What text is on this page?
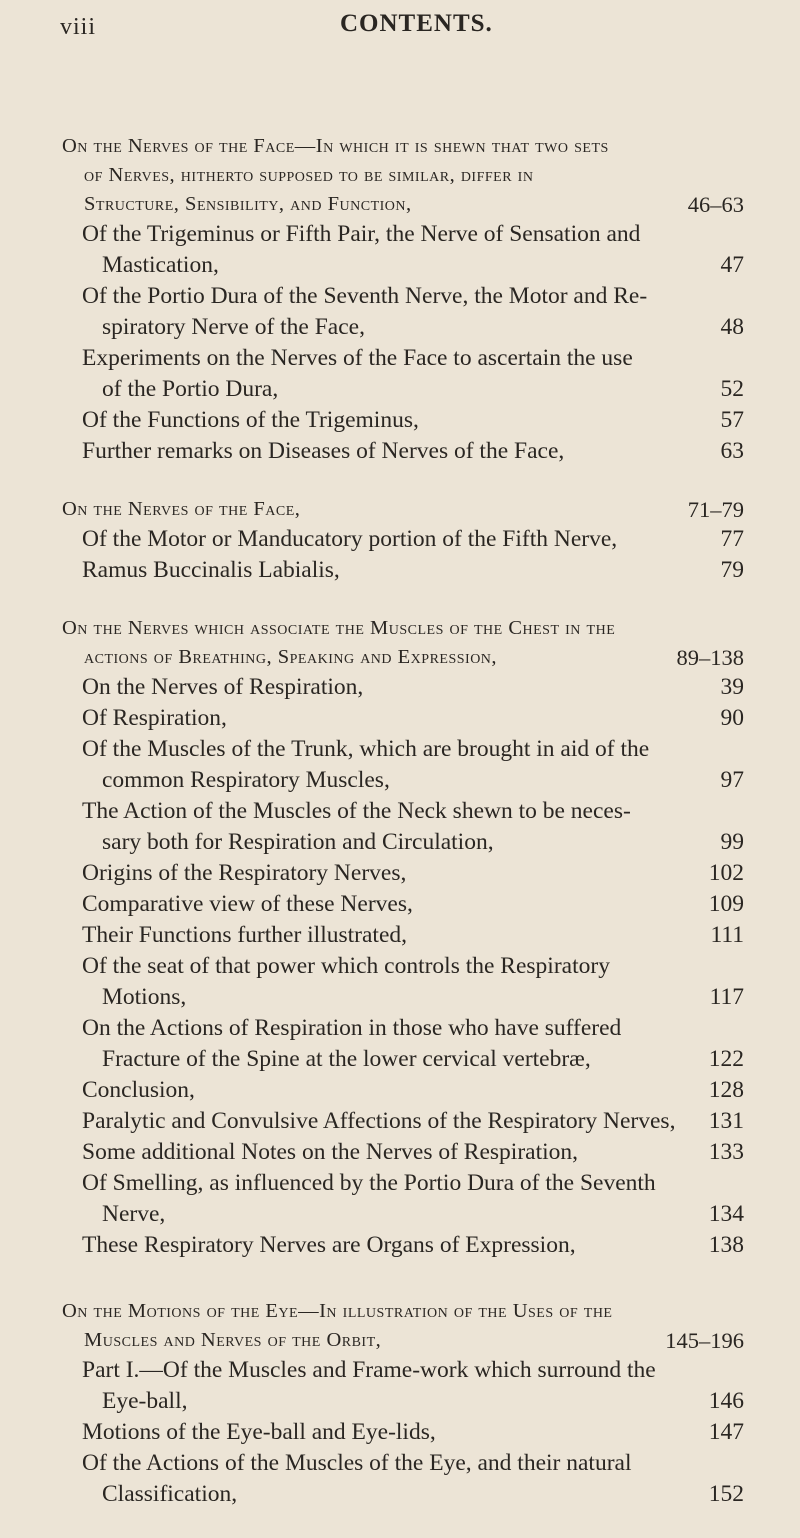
viii	CONTENTS.
On the Nerves of the Face—In which it is shewn that two sets
of Nerves, hitherto supposed to be similar, differ in
Structure, Sensibility, and Function,	46–63
Of the Trigeminus or Fifth Pair, the Nerve of Sensation and
Mastication,	47
Of the Portio Dura of the Seventh Nerve, the Motor and Re-
spiratory Nerve of the Face,	48
Experiments on the Nerves of the Face to ascertain the use
of the Portio Dura,	52
Of the Functions of the Trigeminus,	57
Further remarks on Diseases of Nerves of the Face,	63
On the Nerves of the Face,	71–79
Of the Motor or Manducatory portion of the Fifth Nerve,	77
Ramus Buccinalis Labialis,	79
On the Nerves which associate the Muscles of the Chest in the
actions of Breathing, Speaking and Expression,	89–138
On the Nerves of Respiration,	39
Of Respiration,	90
Of the Muscles of the Trunk, which are brought in aid of the
common Respiratory Muscles,	97
The Action of the Muscles of the Neck shewn to be neces-
sary both for Respiration and Circulation,	99
Origins of the Respiratory Nerves,	102
Comparative view of these Nerves,	109
Their Functions further illustrated,	111
Of the seat of that power which controls the Respiratory
Motions,	117
On the Actions of Respiration in those who have suffered
Fracture of the Spine at the lower cervical vertebræ,	122
Conclusion,	128
Paralytic and Convulsive Affections of the Respiratory Nerves,	131
Some additional Notes on the Nerves of Respiration,	133
Of Smelling, as influenced by the Portio Dura of the Seventh
Nerve,	134
These Respiratory Nerves are Organs of Expression,	138
On the Motions of the Eye—In illustration of the Uses of the
Muscles and Nerves of the Orbit,	145–196
Part I.—Of the Muscles and Frame-work which surround the
Eye-ball,	146
Motions of the Eye-ball and Eye-lids,	147
Of the Actions of the Muscles of the Eye, and their natural
Classification,	152
